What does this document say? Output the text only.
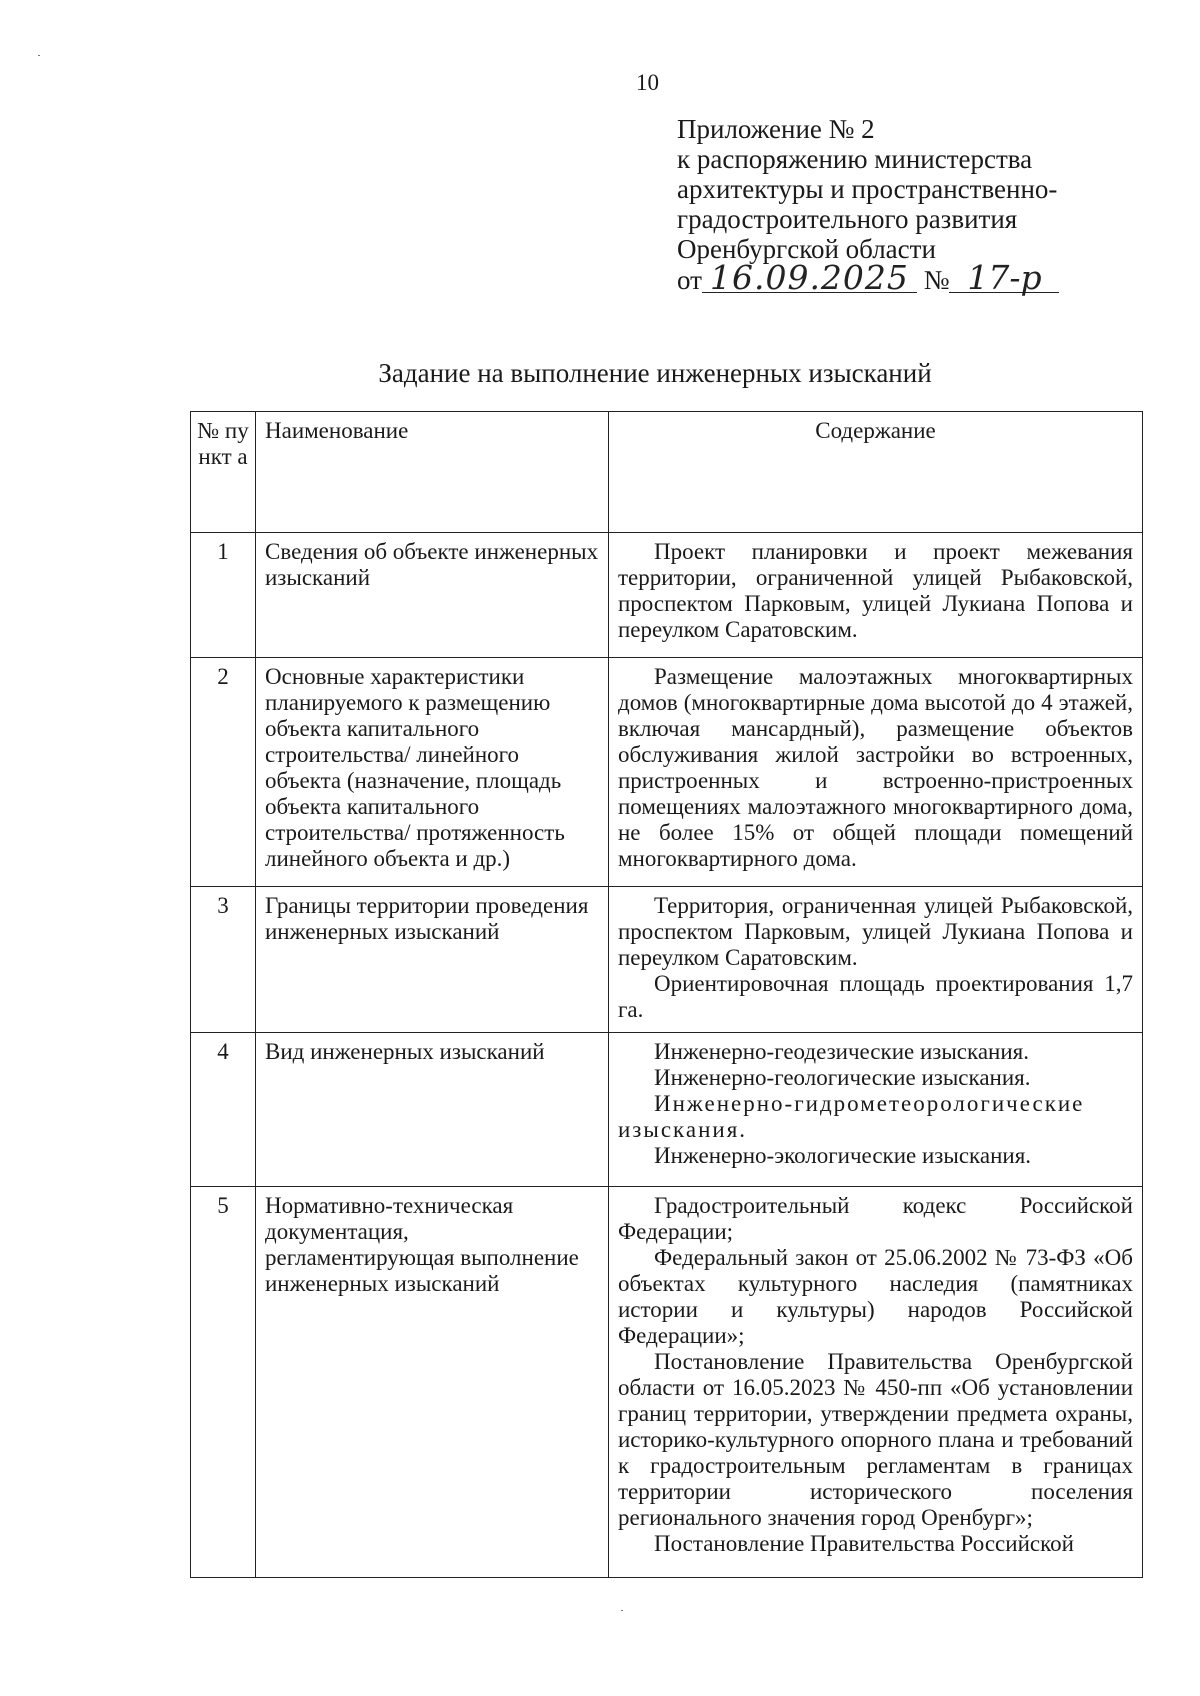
10
Приложение № 2
к распоряжению министерства
архитектуры и пространственно-
градостроительного развития
Оренбургской области
от 16.09.2025 № 17-р
Задание на выполнение инженерных изысканий
№ пу нкт а	Наименование	Содержание
1	Сведения об объекте инженерных изысканий	Проект планировки и проект межевания территории, ограниченной улицей Рыбаковской, проспектом Парковым, улицей Лукиана Попова и переулком Саратовским.

2	Основные характеристики планируемого к размещению объекта капитального строительства/ линейного объекта (назначение, площадь объекта капитального строительства/ протяженность линейного объекта и др.)	Размещение малоэтажных многоквартирных домов (многоквартирные дома высотой до 4 этажей, включая мансардный), размещение объектов обслуживания жилой застройки во встроенных, пристроенных и встроенно-пристроенных помещениях малоэтажного многоквартирного дома, не более 15% от общей площади помещений многоквартирного дома.

3	Границы территории проведения инженерных изысканий	Территория, ограниченная улицей Рыбаковской, проспектом Парковым, улицей Лукиана Попова и переулком Саратовским.
Ориентировочная площадь проектирования 1,7 га.

4	Вид инженерных изысканий	Инженерно-геодезические изыскания.
Инженерно-геологические изыскания.
Инженерно-гидрометеорологические изыскания.
Инженерно-экологические изыскания.

5	Нормативно-техническая документация, регламентирующая выполнение инженерных изысканий	Градостроительный кодекс Российской Федерации;
Федеральный закон от 25.06.2002 № 73-ФЗ «Об объектах культурного наследия (памятниках истории и культуры) народов Российской Федерации»;
Постановление Правительства Оренбургской области от 16.05.2023 № 450-пп «Об установлении границ территории, утверждении предмета охраны, историко-культурного опорного плана и требований к градостроительным регламентам в границах территории исторического поселения регионального значения город Оренбург»;
Постановление Правительства Российской
